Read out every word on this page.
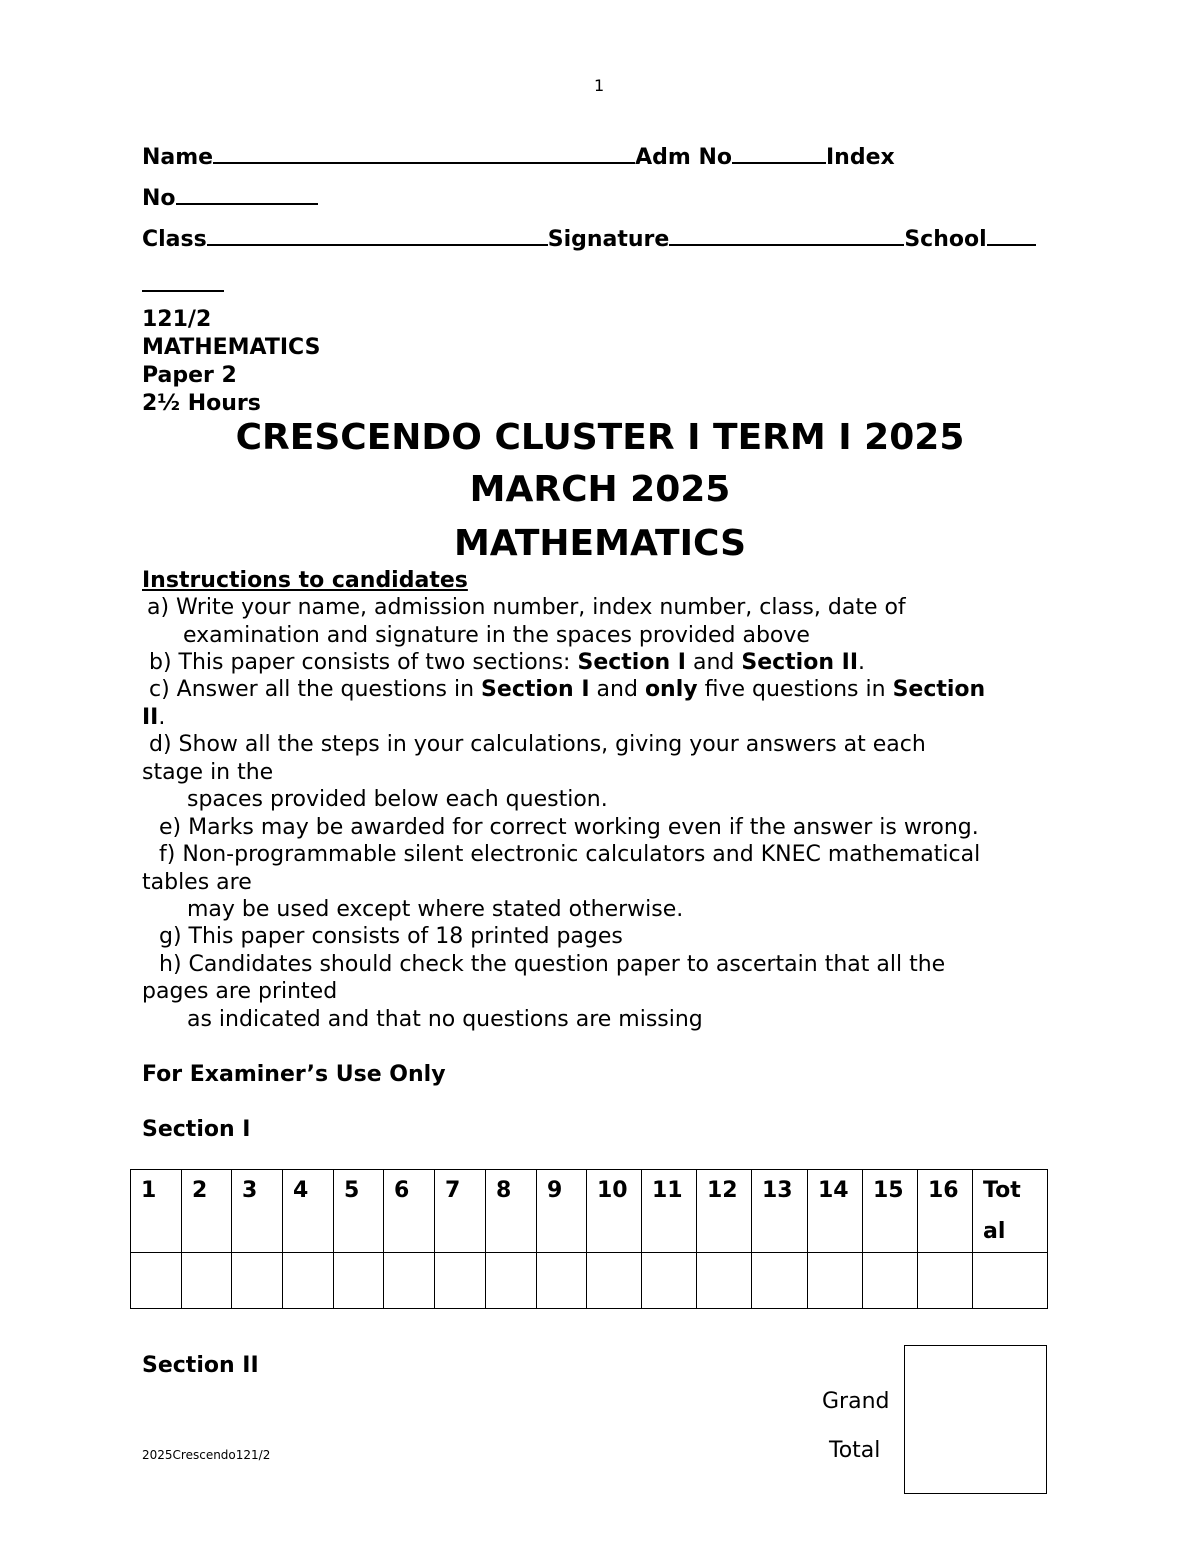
1
Name	Adm No	Index
No
Class	Signature	School
121/2
MATHEMATICS
Paper 2
2½ Hours
CRESCENDO CLUSTER I TERM I 2025
MARCH 2025
MATHEMATICS
Instructions to candidates
a) Write your name, admission number, index number, class, date of
examination and signature in the spaces provided above
b) This paper consists of two sections: Section I and Section II.
c) Answer all the questions in Section I and only five questions in Section
II.
d) Show all the steps in your calculations, giving your answers at each
stage in the
spaces provided below each question.
e) Marks may be awarded for correct working even if the answer is wrong.
f) Non-programmable silent electronic calculators and KNEC mathematical
tables are
may be used except where stated otherwise.
g) This paper consists of 18 printed pages
h) Candidates should check the question paper to ascertain that all the
pages are printed
as indicated and that no questions are missing
For Examiner’s Use Only
Section I
1	2	3	4	5	6	7	8	9	10	11	12	13	14	15	16	Tot
al

Section II
Grand
Total
2025Crescendo121/2
